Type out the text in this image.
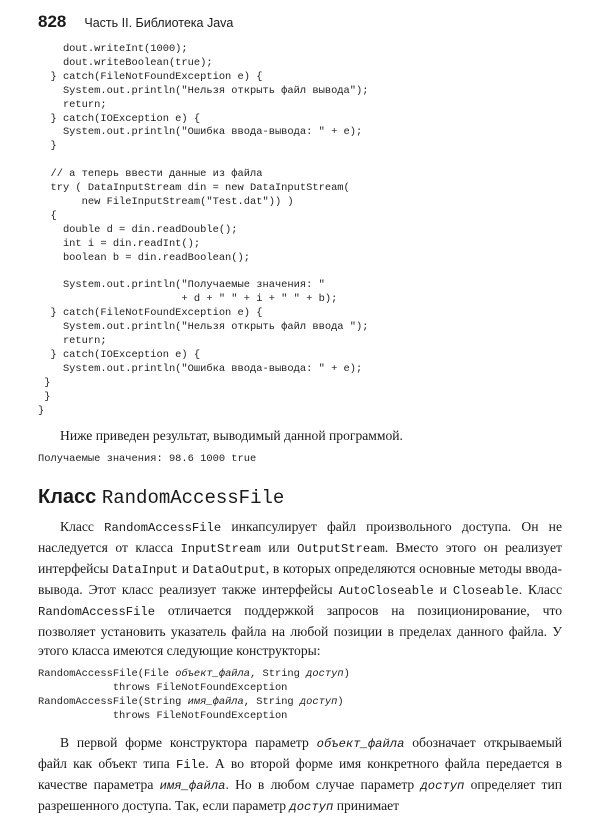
828 Часть II. Библиотека Java
dout.writeInt(1000);
dout.writeBoolean(true);
} catch(FileNotFoundException e) {
System.out.println("Нельзя открыть файл вывода");
return;
} catch(IOException e) {
System.out.println("Ошибка ввода-вывода: " + e);
}

// а теперь ввести данные из файла
try ( DataInputStream din = new DataInputStream(
new FileInputStream("Test.dat")) )
{
double d = din.readDouble();
int i = din.readInt();
boolean b = din.readBoolean();

System.out.println("Получаемые значения: "
+ d + " " + i + " " + b);
} catch(FileNotFoundException e) {
System.out.println("Нельзя открыть файл ввода ");
return;
} catch(IOException e) {
System.out.println("Ошибка ввода-вывода: " + e);
}
}
}

Ниже приведен результат, выводимый данной программой.

Получаемые значения: 98.6 1000 true
Класс RandomAccessFile

Класс RandomAccessFile инкапсулирует файл произвольного доступа. Он не наследуется от класса InputStream или OutputStream. Вместо этого он реализует интерфейсы DataInput и DataOutput, в которых определяются основные методы ввода-вывода. Этот класс реализует также интерфейсы AutoCloseable и Closeable. Класс RandomAccessFile отличается поддержкой запросов на позиционирование, что позволяет установить указатель файла на любой позиции в пределах данного файла. У этого класса имеются следующие конструкторы:

RandomAccessFile(File объект_файла, String доступ)
throws FileNotFoundException
RandomAccessFile(String имя_файла, String доступ)
throws FileNotFoundException

В первой форме конструктора параметр объект_файла обозначает открываемый файл как объект типа File. А во второй форме имя конкретного файла передается в качестве параметра имя_файла. Но в любом случае параметр доступ определяет тип разрешенного доступа. Так, если параметр доступ принимает
